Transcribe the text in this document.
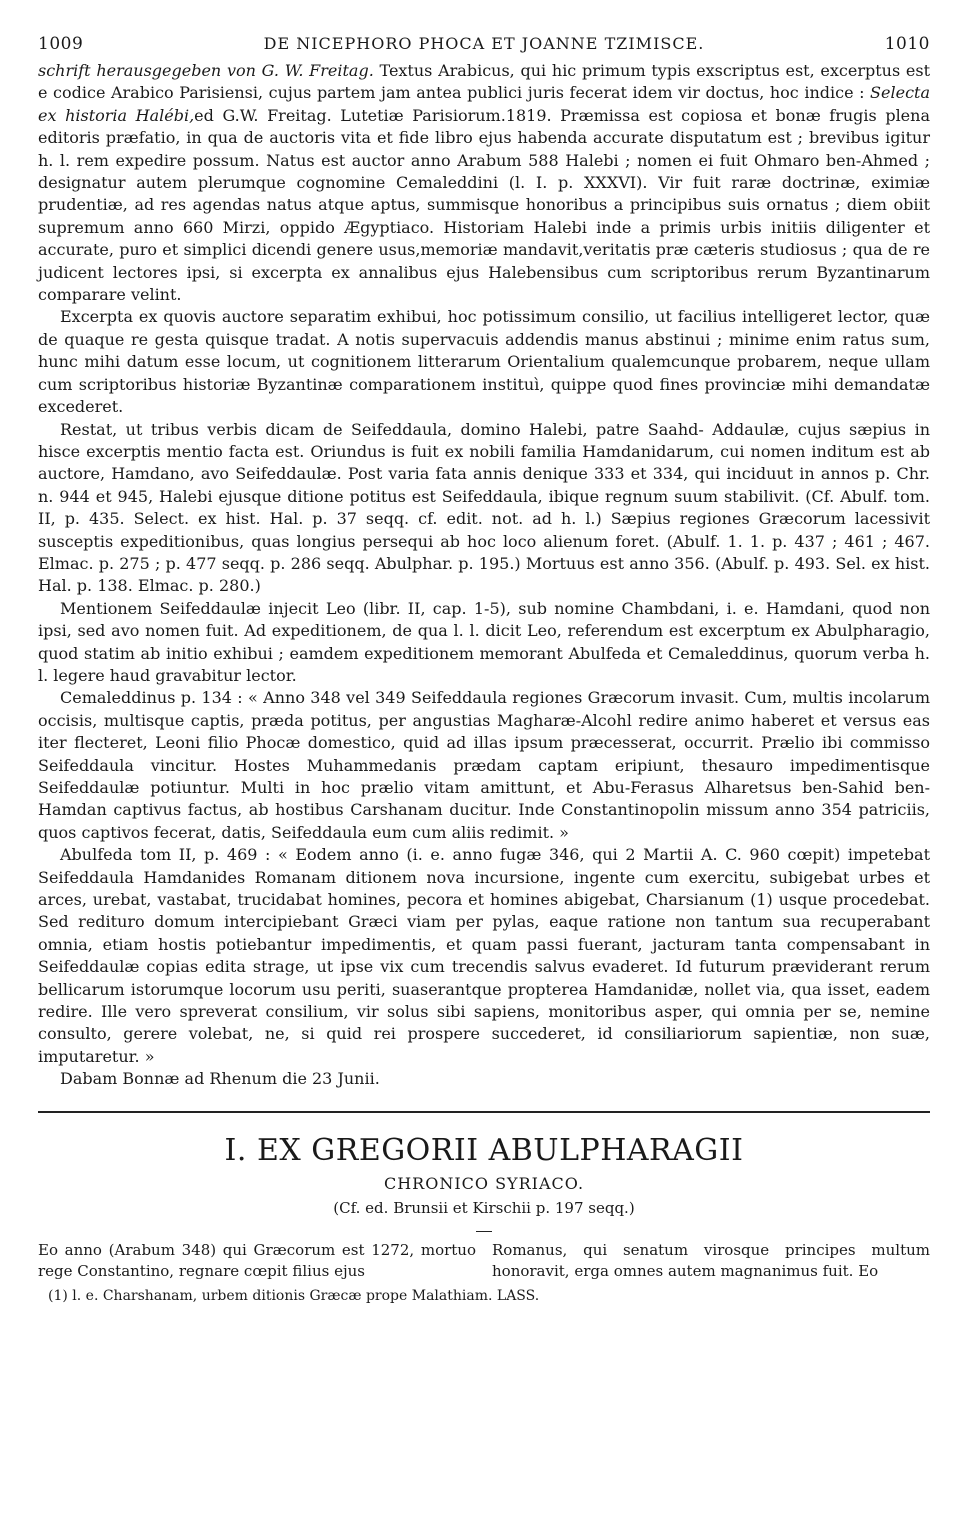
1009	DE NICEPHORO PHOCA ET JOANNE TZIMISCE.	1010

schrift herausgegeben von G. W. Freitag. Textus Arabicus, qui hic primum typis exscriptus est, excerptus est e codice Arabico Parisiensi, cujus partem jam antea publici juris fecerat idem vir doctus, hoc indice : Selecta ex historia Halébi,ed G.W. Freitag. Lutetiæ Parisiorum.1819. Præmissa est copiosa et bonæ frugis plena editoris præfatio, in qua de auctoris vita et fide libro ejus habenda accurate disputatum est ; brevibus igitur h. l. rem expedire possum. Natus est auctor anno Arabum 588 Halebi ; nomen ei fuit Ohmaro ben-Ahmed ; designatur autem plerumque cognomine Cemaleddini (l. I. p. XXXVI). Vir fuit raræ doctrinæ, eximiæ prudentiæ, ad res agendas natus atque aptus, summisque honoribus a principibus suis ornatus ; diem obiit supremum anno 660 Mirzi, oppido Ægyptiaco. Historiam Halebi inde a primis urbis initiis diligenter et accurate, puro et simplici dicendi genere usus,memoriæ mandavit,veritatis præ cæteris studiosus ; qua de re judicent lectores ipsi, si excerpta ex annalibus ejus Halebensibus cum scriptoribus rerum Byzantinarum comparare velint.

Excerpta ex quovis auctore separatim exhibui, hoc potissimum consilio, ut facilius intelligeret lector, quæ de quaque re gesta quisque tradat. A notis supervacuis addendis manus abstinui ; minime enim ratus sum, hunc mihi datum esse locum, ut cognitionem litterarum Orientalium qualemcunque probarem, neque ullam cum scriptoribus historiæ Byzantinæ comparationem instituì, quippe quod fines provinciæ mihi demandatæ excederet.

Restat, ut tribus verbis dicam de Seifeddaula, domino Halebi, patre Saahd- Addaulæ, cujus sæpius in hisce excerptis mentio facta est. Oriundus is fuit ex nobili familia Hamdanidarum, cui nomen inditum est ab auctore, Hamdano, avo Seifeddaulæ. Post varia fata annis denique 333 et 334, qui inciduut in annos p. Chr. n. 944 et 945, Halebi ejusque ditione potitus est Seifeddaula, ibique regnum suum stabilivit. (Cf. Abulf. tom. II, p. 435. Select. ex hist. Hal. p. 37 seqq. cf. edit. not. ad h. l.) Sæpius regiones Græcorum lacessivit susceptis expeditionibus, quas longius persequi ab hoc loco alienum foret. (Abulf. 1. 1. p. 437 ; 461 ; 467. Elmac. p. 275 ; p. 477 seqq. p. 286 seqq. Abulphar. p. 195.) Mortuus est anno 356. (Abulf. p. 493. Sel. ex hist. Hal. p. 138. Elmac. p. 280.)

Mentionem Seifeddaulæ injecit Leo (libr. II, cap. 1-5), sub nomine Chambdani, i. e. Hamdani, quod non ipsi, sed avo nomen fuit. Ad expeditionem, de qua l. l. dicit Leo, referendum est excerptum ex Abulpharagio, quod statim ab initio exhibui ; eamdem expeditionem memorant Abulfeda et Cemaleddinus, quorum verba h. l. legere haud gravabitur lector.

Cemaleddinus p. 134 : « Anno 348 vel 349 Seifeddaula regiones Græcorum invasit. Cum, multis incolarum occisis, multisque captis, præda potitus, per angustias Magharæ-Alcohl redire animo haberet et versus eas iter flecteret, Leoni filio Phocæ domestico, quid ad illas ipsum præcesserat, occurrit. Prælio ibi commisso Seifeddaula vincitur. Hostes Muhammedanis prædam captam eripiunt, thesauro impedimentisque Seifeddaulæ potiuntur. Multi in hoc prælio vitam amittunt, et Abu-Ferasus Alharetsus ben-Sahid ben-Hamdan captivus factus, ab hostibus Carshanam ducitur. Inde Constantinopolin missum anno 354 patriciis, quos captivos fecerat, datis, Seifeddaula eum cum aliis redimit. »

Abulfeda tom II, p. 469 : « Eodem anno (i. e. anno fugæ 346, qui 2 Martii A. C. 960 cœpit) impetebat Seifeddaula Hamdanides Romanam ditionem nova incursione, ingente cum exercitu, subigebat urbes et arces, urebat, vastabat, trucidabat homines, pecora et homines abigebat, Charsianum (1) usque procedebat. Sed redituro domum intercipiebant Græci viam per pylas, eaque ratione non tantum sua recuperabant omnia, etiam hostis potiebantur impedimentis, et quam passi fuerant, jacturam tanta compensabant in Seifeddaulæ copias edita strage, ut ipse vix cum trecendis salvus evaderet. Id futurum præviderant rerum bellicarum istorumque locorum usu periti, suaserantque propterea Hamdanidæ, nollet via, qua isset, eadem redire. Ille vero spreverat consilium, vir solus sibi sapiens, monitoribus asper, qui omnia per se, nemine consulto, gerere volebat, ne, si quid rei prospere succederet, id consiliariorum sapientiæ, non suæ, imputaretur. »

Dabam Bonnæ ad Rhenum die 23 Junii.

I. EX GREGORII ABULPHARAGII
CHRONICO SYRIACO.
(Cf. ed. Brunsii et Kirschii p. 197 seqq.)

Eo anno (Arabum 348) qui Græcorum est 1272, mortuo rege Constantino, regnare cœpit filius ejus

Romanus, qui senatum virosque principes multum honoravit, erga omnes autem magnanimus fuit. Eo

(1) l. e. Charshanam, urbem ditionis Græcæ prope Malathiam. LASS.
